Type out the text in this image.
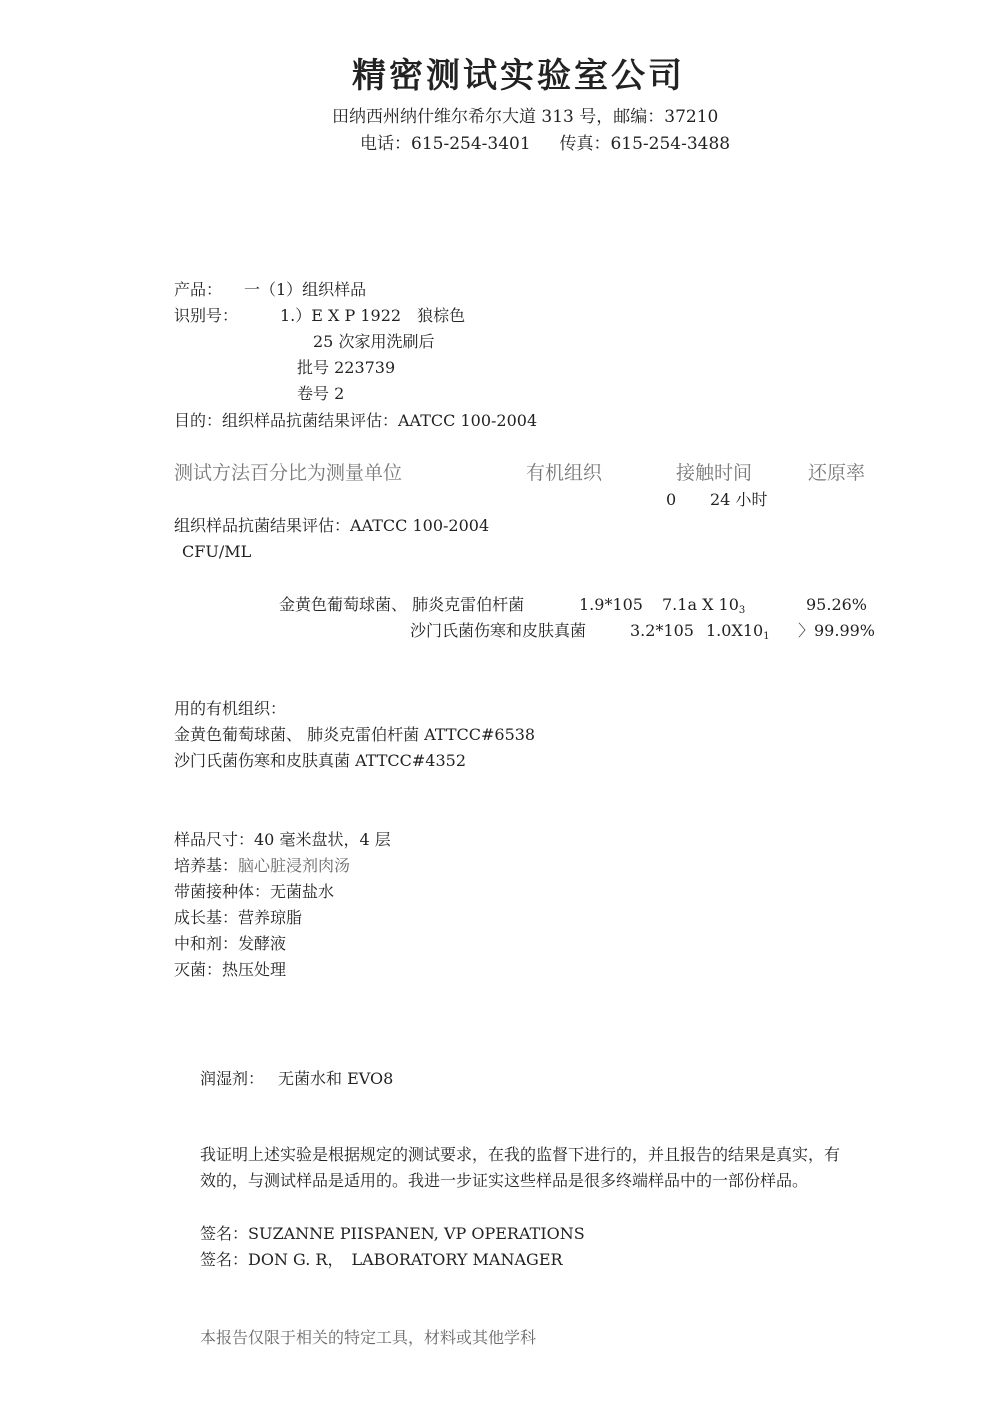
精密测试实验室公司
田纳西州纳什维尔希尔大道 313 号，邮编：37210
电话：615-254-3401 传真：615-254-3488
产品： 一（1）组织样品
识别号：	1.）E X P 1922　狼棕色
25 次家用洗刷后
批号 223739
卷号 2
目的：组织样品抗菌结果评估：AATCC 100-2004
测试方法百分比为测量单位	有机组织	接触时间	还原率
0 24 小时
组织样品抗菌结果评估：AATCC 100-2004
CFU/ML
金黄色葡萄球菌、 肺炎克雷伯杆菌	1.9*105 7.1a X $10_3$	95.26%
沙门氏菌伤寒和皮肤真菌	3.2*105 $1.0X10_1$ 〉99.99%
用的有机组织：
金黄色葡萄球菌、 肺炎克雷伯杆菌 ATTCC#6538
沙门氏菌伤寒和皮肤真菌 ATTCC#4352
样品尺寸：40 毫米盘状，4 层
培养基：脑心脏浸剂肉汤
带菌接种体：无菌盐水
成长基：营养琼脂
中和剂：发酵液
灭菌：热压处理
润湿剂： 无菌水和 EVO8
我证明上述实验是根据规定的测试要求，在我的监督下进行的，并且报告的结果是真实，有
效的，与测试样品是适用的。我进一步证实这些样品是很多终端样品中的一部份样品。
签名：SUZANNE PIISPANEN, VP OPERATIONS
签名：DON G. R，　LABORATORY MANAGER
本报告仅限于相关的特定工具，材料或其他学科
